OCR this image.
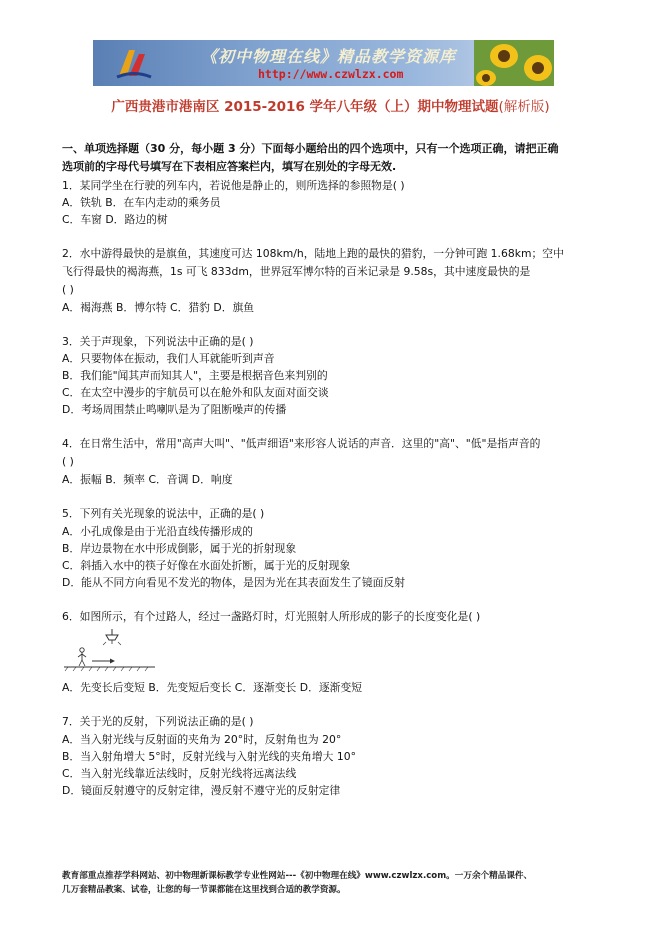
《初中物理在线》精品教学资源库
http://www.czwlzx.com
广西贵港市港南区 2015-2016 学年八年级（上）期中物理试题(解析版)
一、单项选择题（30 分，每小题 3 分）下面每小题给出的四个选项中，只有一个选项正确，请把正确
选项前的字母代号填写在下表相应答案栏内，填写在别处的字母无效.
1．某同学坐在行驶的列车内，若说他是静止的，则所选择的参照物是( )
A．铁轨 B．在车内走动的乘务员
C．车窗 D．路边的树
2．水中游得最快的是旗鱼，其速度可达 108km/h，陆地上跑的最快的猎豹，一分钟可跑 1.68km；空中
飞行得最快的褐海燕，1s 可飞 833dm，世界冠军博尔特的百米记录是 9.58s，其中速度最快的是
( )
A．褐海燕 B．博尔特 C．猎豹 D．旗鱼
3．关于声现象，下列说法中正确的是( )
A．只要物体在振动，我们人耳就能听到声音
B．我们能"闻其声而知其人"，主要是根据音色来判别的
C．在太空中漫步的宇航员可以在舱外和队友面对面交谈
D．考场周围禁止鸣喇叭是为了阻断噪声的传播
4．在日常生活中，常用"高声大叫"、"低声细语"来形容人说话的声音．这里的"高"、"低"是指声音的
( )
A．振幅 B．频率 C．音调 D．响度
5．下列有关光现象的说法中，正确的是( )
A．小孔成像是由于光沿直线传播形成的
B．岸边景物在水中形成倒影，属于光的折射现象
C．斜插入水中的筷子好像在水面处折断，属于光的反射现象
D．能从不同方向看见不发光的物体，是因为光在其表面发生了镜面反射
6．如图所示，有个过路人，经过一盏路灯时，灯光照射人所形成的影子的长度变化是( )
A．先变长后变短 B．先变短后变长 C．逐渐变长 D．逐渐变短
7．关于光的反射，下列说法正确的是( )
A．当入射光线与反射面的夹角为 20°时，反射角也为 20°
B．当入射角增大 5°时，反射光线与入射光线的夹角增大 10°
C．当入射光线靠近法线时，反射光线将远离法线
D．镜面反射遵守的反射定律，漫反射不遵守光的反射定律
教育部重点推荐学科网站、初中物理新课标教学专业性网站---《初中物理在线》www.czwlzx.com。一万余个精品课件、
几万套精品教案、试卷，让您的每一节课都能在这里找到合适的教学资源。
